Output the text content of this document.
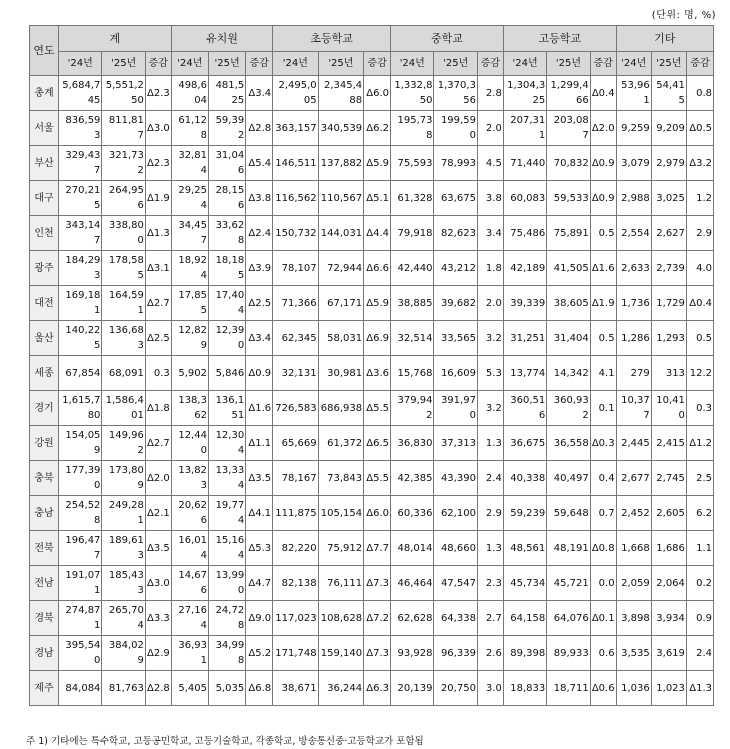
(단위: 명, %)
연도	계			유치원			초등학교			중학교			고등학교			기타		
	'24년	'25년	증감	'24년	'25년	증감	'24년	'25년	증감	'24년	'25년	증감	'24년	'25년	증감	'24년	'25년	증감
총계	5,684,745	5,551,250	Δ2.3	498,604	481,525	Δ3.4	2,495,005	2,345,488	Δ6.0	1,332,850	1,370,356	2.8	1,304,325	1,299,466	Δ0.4	53,961	54,415	0.8
서울	836,593	811,817	Δ3.0	61,128	59,392	Δ2.8	363,157	340,539	Δ6.2	195,738	199,590	2.0	207,311	203,087	Δ2.0	9,259	9,209	Δ0.5
부산	329,437	321,732	Δ2.3	32,814	31,046	Δ5.4	146,511	137,882	Δ5.9	75,593	78,993	4.5	71,440	70,832	Δ0.9	3,079	2,979	Δ3.2
대구	270,215	264,956	Δ1.9	29,254	28,156	Δ3.8	116,562	110,567	Δ5.1	61,328	63,675	3.8	60,083	59,533	Δ0.9	2,988	3,025	1.2
인천	343,147	338,800	Δ1.3	34,457	33,628	Δ2.4	150,732	144,031	Δ4.4	79,918	82,623	3.4	75,486	75,891	0.5	2,554	2,627	2.9
광주	184,293	178,585	Δ3.1	18,924	18,185	Δ3.9	78,107	72,944	Δ6.6	42,440	43,212	1.8	42,189	41,505	Δ1.6	2,633	2,739	4.0
대전	169,181	164,591	Δ2.7	17,855	17,404	Δ2.5	71,366	67,171	Δ5.9	38,885	39,682	2.0	39,339	38,605	Δ1.9	1,736	1,729	Δ0.4
울산	140,225	136,683	Δ2.5	12,829	12,390	Δ3.4	62,345	58,031	Δ6.9	32,514	33,565	3.2	31,251	31,404	0.5	1,286	1,293	0.5
세종	67,854	68,091	0.3	5,902	5,846	Δ0.9	32,131	30,981	Δ3.6	15,768	16,609	5.3	13,774	14,342	4.1	279	313	12.2
경기	1,615,780	1,586,401	Δ1.8	138,362	136,151	Δ1.6	726,583	686,938	Δ5.5	379,942	391,970	3.2	360,516	360,932	0.1	10,377	10,410	0.3
강원	154,059	149,962	Δ2.7	12,440	12,304	Δ1.1	65,669	61,372	Δ6.5	36,830	37,313	1.3	36,675	36,558	Δ0.3	2,445	2,415	Δ1.2
충북	177,390	173,809	Δ2.0	13,823	13,334	Δ3.5	78,167	73,843	Δ5.5	42,385	43,390	2.4	40,338	40,497	0.4	2,677	2,745	2.5
충남	254,528	249,281	Δ2.1	20,626	19,774	Δ4.1	111,875	105,154	Δ6.0	60,336	62,100	2.9	59,239	59,648	0.7	2,452	2,605	6.2
전북	196,477	189,613	Δ3.5	16,014	15,164	Δ5.3	82,220	75,912	Δ7.7	48,014	48,660	1.3	48,561	48,191	Δ0.8	1,668	1,686	1.1
전남	191,071	185,433	Δ3.0	14,676	13,990	Δ4.7	82,138	76,111	Δ7.3	46,464	47,547	2.3	45,734	45,721	0.0	2,059	2,064	0.2
경북	274,871	265,704	Δ3.3	27,164	24,728	Δ9.0	117,023	108,628	Δ7.2	62,628	64,338	2.7	64,158	64,076	Δ0.1	3,898	3,934	0.9
경남	395,540	384,029	Δ2.9	36,931	34,998	Δ5.2	171,748	159,140	Δ7.3	93,928	96,339	2.6	89,398	89,933	0.6	3,535	3,619	2.4
제주	84,084	81,763	Δ2.8	5,405	5,035	Δ6.8	38,671	36,244	Δ6.3	20,139	20,750	3.0	18,833	18,711	Δ0.6	1,036	1,023	Δ1.3
주 1) 기타에는 특수학교, 고등공민학교, 고등기술학교, 각종학교, 방송통신중·고등학교가 포함됨
